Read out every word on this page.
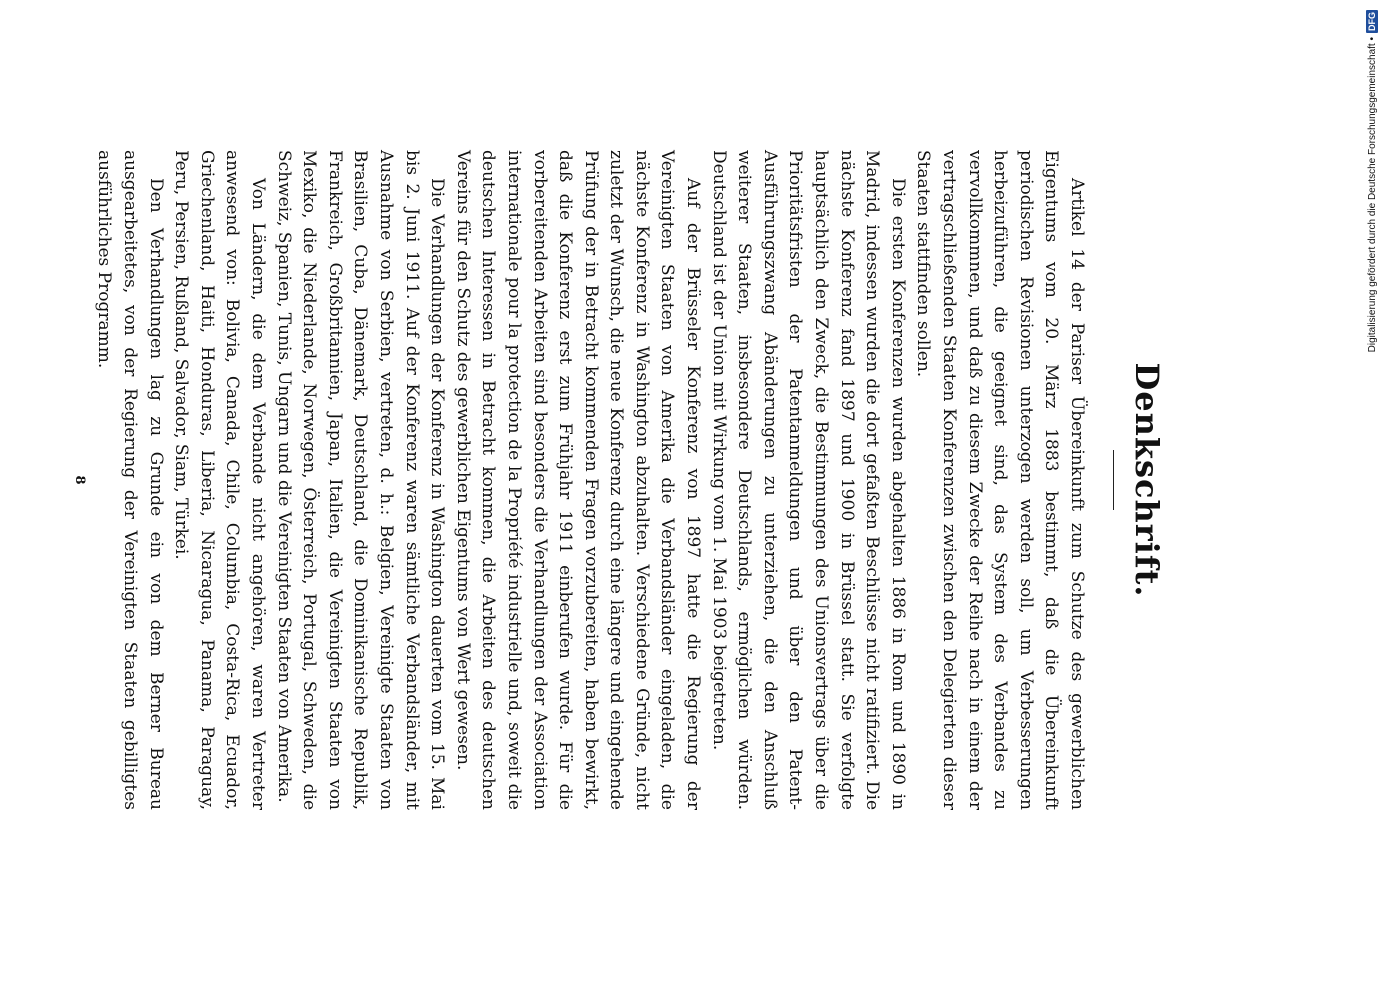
Denkschrift.

Artikel 14 der Pariser Übereinkunft zum Schutze des gewerblichen Eigentums vom 20. März 1883 bestimmt, daß die Übereinkunft periodischen Revisionen unterzogen werden soll, um Verbesserungen herbeizuführen, die geeignet sind, das System des Verbandes zu vervollkommnen, und daß zu diesem Zwecke der Reihe nach in einem der vertragschließenden Staaten Konferenzen zwischen den Delegierten dieser Staaten stattfinden sollen.

Die ersten Konferenzen wurden abgehalten 1886 in Rom und 1890 in Madrid, indessen wurden die dort gefaßten Beschlüsse nicht ratifiziert. Die nächste Konferenz fand 1897 und 1900 in Brüssel statt. Sie verfolgte hauptsächlich den Zweck, die Bestimmungen des Unionsvertrags über die Prioritätsfristen der Patentanmeldungen und über den Patent-Ausführungszwang Abänderungen zu unterziehen, die den Anschluß weiterer Staaten, insbesondere Deutschlands, ermöglichen würden. Deutschland ist der Union mit Wirkung vom 1. Mai 1903 beigetreten.

Auf der Brüsseler Konferenz von 1897 hatte die Regierung der Vereinigten Staaten von Amerika die Verbandsländer eingeladen, die nächste Konferenz in Washington abzuhalten. Verschiedene Gründe, nicht zuletzt der Wunsch, die neue Konferenz durch eine längere und eingehende Prüfung der in Betracht kommenden Fragen vorzubereiten, haben bewirkt, daß die Konferenz erst zum Frühjahr 1911 einberufen wurde. Für die vorbereitenden Arbeiten sind besonders die Verhandlungen der Association internationale pour la protection de la Propriété industrielle und, soweit die deutschen Interessen in Betracht kommen, die Arbeiten des deutschen Vereins für den Schutz des gewerblichen Eigentums von Wert gewesen.

Die Verhandlungen der Konferenz in Washington dauerten vom 15. Mai bis 2. Juni 1911. Auf der Konferenz waren sämtliche Verbandsländer, mit Ausnahme von Serbien, vertreten, d. h.: Belgien, Vereinigte Staaten von Brasilien, Cuba, Dänemark, Deutschland, die Dominikanische Republik, Frankreich, Großbritannien, Japan, Italien, die Vereinigten Staaten von Mexiko, die Niederlande, Norwegen, Österreich, Portugal, Schweden, die Schweiz, Spanien, Tunis, Ungarn und die Vereinigten Staaten von Amerika.

Von Ländern, die dem Verbande nicht angehören, waren Vertreter anwesend von: Bolivia, Canada, Chile, Columbia, Costa-Rica, Ecuador, Griechenland, Haiti, Honduras, Liberia, Nicaragua, Panama, Paraguay, Peru, Persien, Rußland, Salvador, Siam, Türkei.

Den Verhandlungen lag zu Grunde ein von dem Berner Bureau ausgearbeitetes, von der Regierung der Vereinigten Staaten gebilligtes ausführliches Programm.

8
Digitalisierung gefördert durch die Deutsche Forschungsgemeinschaft •
DFG
